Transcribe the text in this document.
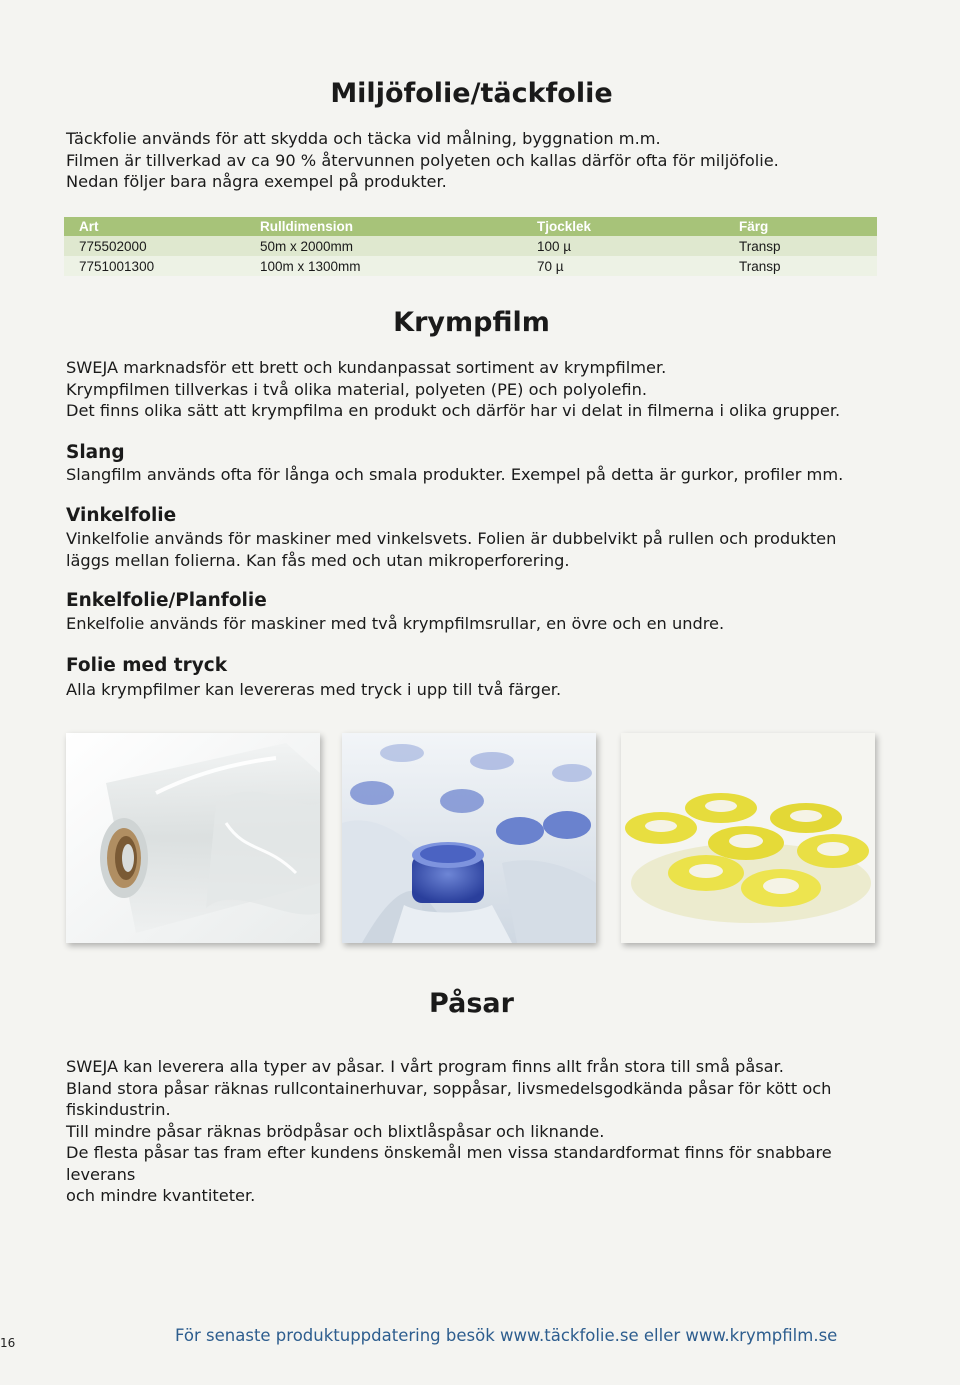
Miljöfolie/täckfolie
Täckfolie används för att skydda och täcka vid målning, byggnation m.m.
Filmen är tillverkad av ca 90 % återvunnen polyeten och kallas därför ofta för miljöfolie.
Nedan följer bara några exempel på produkter.
Art	Rulldimension	Tjocklek	Färg
775502000	50m x 2000mm	100 µ	Transp
7751001300	100m x 1300mm	70 µ	Transp
Krympfilm
SWEJA marknadsför ett brett och kundanpassat sortiment av krympfilmer.
Krympfilmen tillverkas i två olika material, polyeten (PE) och polyolefin.
Det finns olika sätt att krympfilma en produkt och därför har vi delat in filmerna i olika grupper.
Slang
Slangfilm används ofta för långa och smala produkter. Exempel på detta är gurkor, profiler mm.
Vinkelfolie
Vinkelfolie används för maskiner med vinkelsvets. Folien är dubbelvikt på rullen och produkten
läggs mellan folierna. Kan fås med och utan mikroperforering.
Enkelfolie/Planfolie
Enkelfolie används för maskiner med två krympfilmsrullar, en övre och en undre.
Folie med tryck
Alla krympfilmer kan levereras med tryck i upp till två färger.
Påsar
SWEJA kan leverera alla typer av påsar. I vårt program finns allt från stora till små påsar.
Bland stora påsar räknas rullcontainerhuvar, soppåsar, livsmedelsgodkända påsar för kött och
fiskindustrin.
Till mindre påsar räknas brödpåsar och blixtlåspåsar och liknande.
De flesta påsar tas fram efter kundens önskemål men vissa standardformat finns för snabbare leverans
och mindre kvantiteter.
För senaste produktuppdatering besök www.täckfolie.se eller www.krympfilm.se
16
